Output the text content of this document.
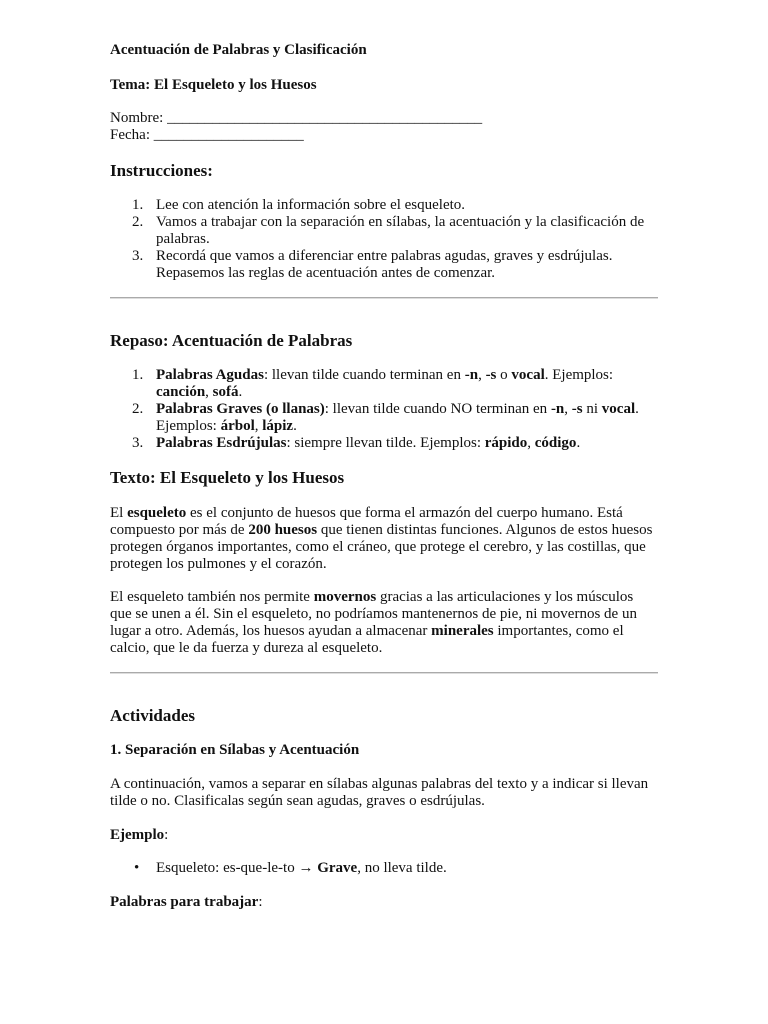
Acentuación de Palabras y Clasificación
Tema: El Esqueleto y los Huesos
Nombre: __________________________________________
Fecha: ____________________
Instrucciones:
1. Lee con atención la información sobre el esqueleto.
2. Vamos a trabajar con la separación en sílabas, la acentuación y la clasificación de palabras.
3. Recordá que vamos a diferenciar entre palabras agudas, graves y esdrújulas. Repasemos las reglas de acentuación antes de comenzar.
Repaso: Acentuación de Palabras
1. Palabras Agudas: llevan tilde cuando terminan en -n, -s o vocal. Ejemplos: canción, sofá.
2. Palabras Graves (o llanas): llevan tilde cuando NO terminan en -n, -s ni vocal. Ejemplos: árbol, lápiz.
3. Palabras Esdrújulas: siempre llevan tilde. Ejemplos: rápido, código.
Texto: El Esqueleto y los Huesos

El esqueleto es el conjunto de huesos que forma el armazón del cuerpo humano. Está compuesto por más de 200 huesos que tienen distintas funciones. Algunos de estos huesos protegen órganos importantes, como el cráneo, que protege el cerebro, y las costillas, que protegen los pulmones y el corazón.

El esqueleto también nos permite movernos gracias a las articulaciones y los músculos que se unen a él. Sin el esqueleto, no podríamos mantenernos de pie, ni movernos de un lugar a otro. Además, los huesos ayudan a almacenar minerales importantes, como el calcio, que le da fuerza y dureza al esqueleto.

Actividades
1. Separación en Sílabas y Acentuación

A continuación, vamos a separar en sílabas algunas palabras del texto y a indicar si llevan tilde o no. Clasificalas según sean agudas, graves o esdrújulas.

Ejemplo:

• Esqueleto: es-que-le-to → Grave, no lleva tilde.

Palabras para trabajar:
